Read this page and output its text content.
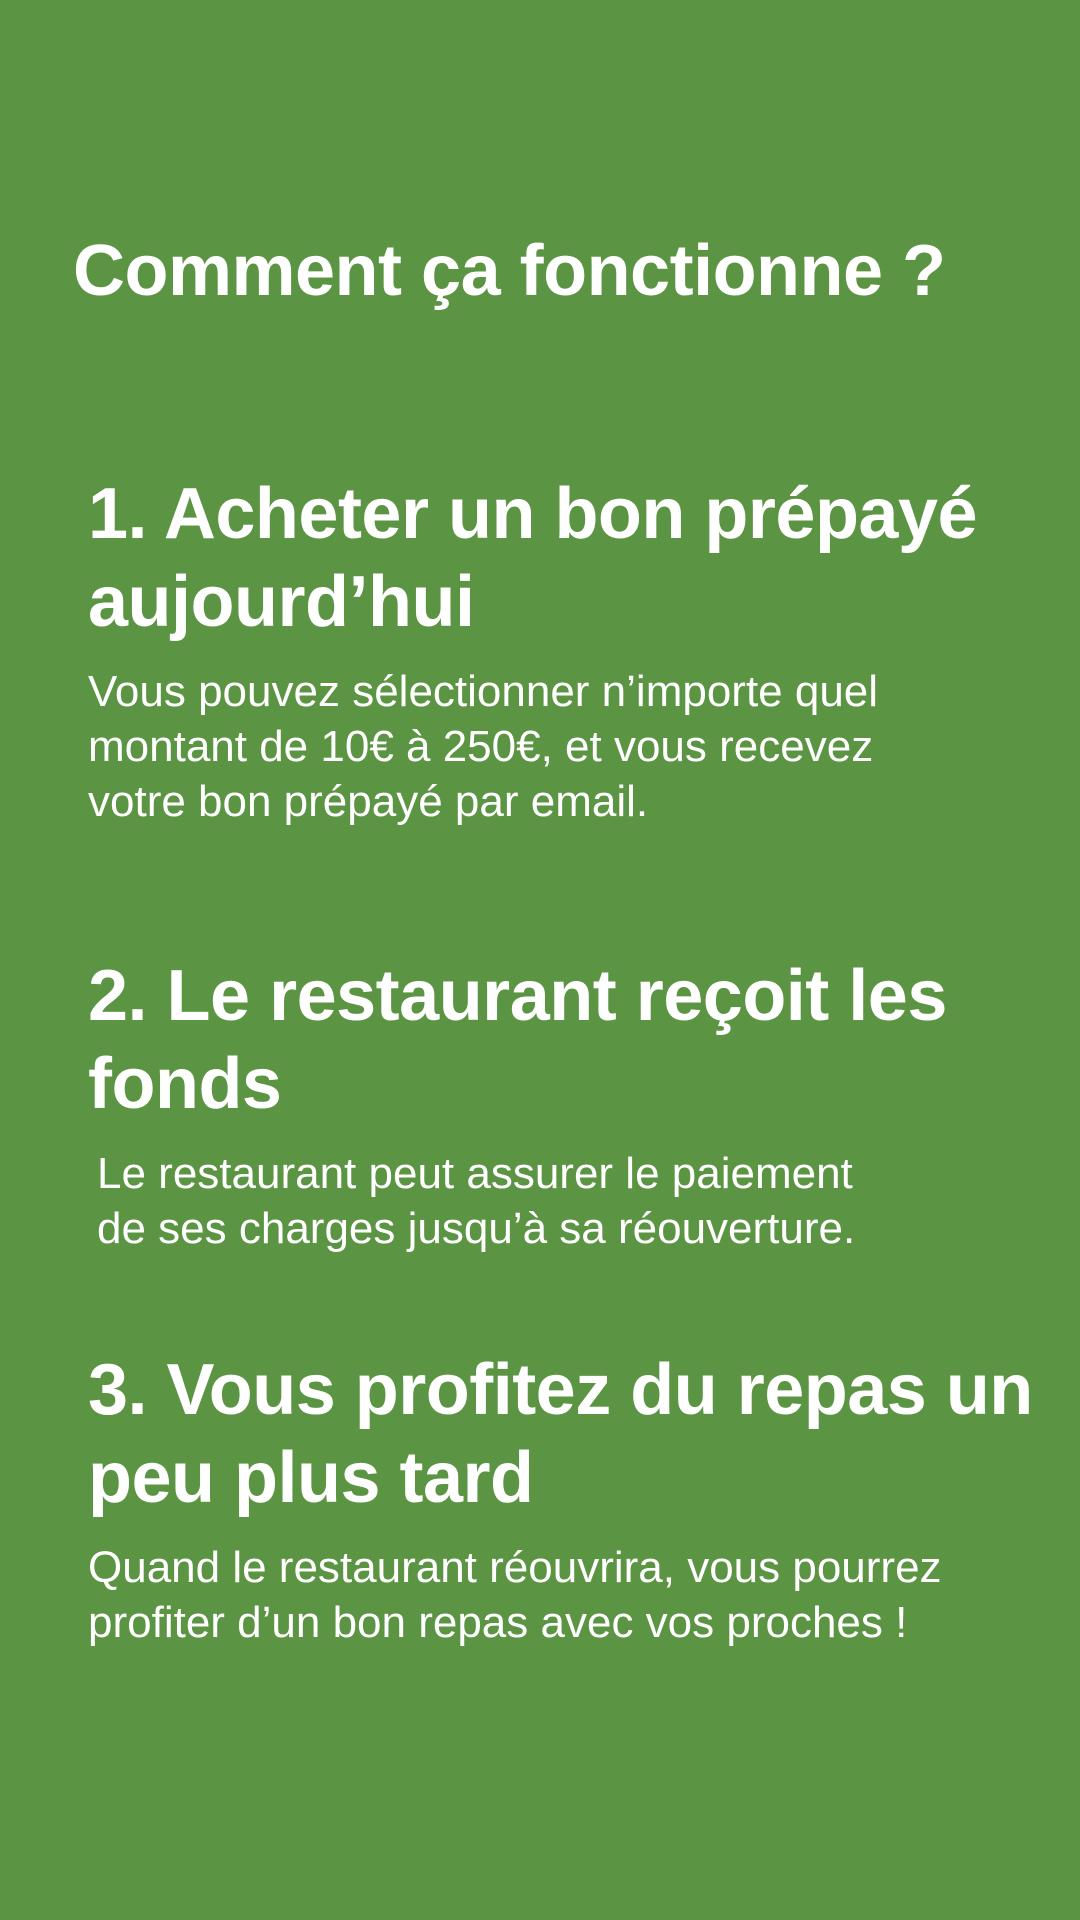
Comment ça fonctionne ?
1. Acheter un bon prépayé aujourd’hui

Vous pouvez sélectionner n’importe quel
montant de 10€ à 250€, et vous recevez
votre bon prépayé par email.

2. Le restaurant reçoit les fonds

Le restaurant peut assurer le paiement
de ses charges jusqu’à sa réouverture.

3. Vous profitez du repas un peu plus tard

Quand le restaurant réouvrira, vous pourrez
profiter d’un bon repas avec vos proches !
